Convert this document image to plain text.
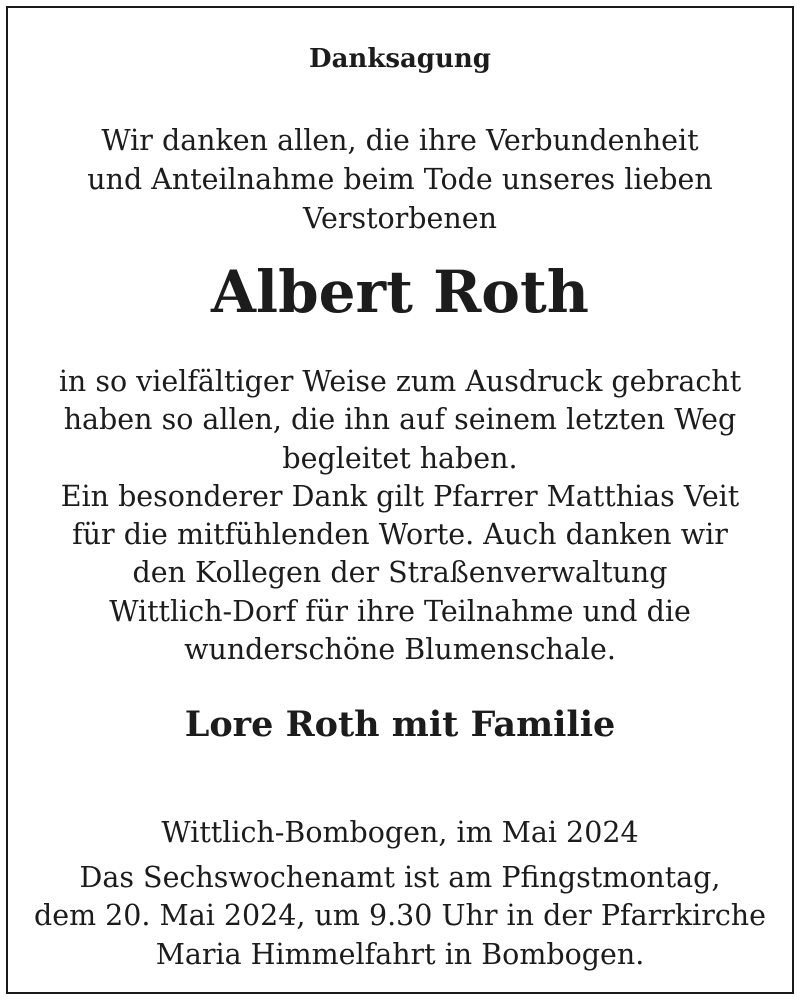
Danksagung
Wir danken allen, die ihre Verbundenheit
und Anteilnahme beim Tode unseres lieben
Verstorbenen
Albert Roth
in so vielfältiger Weise zum Ausdruck gebracht
haben so allen, die ihn auf seinem letzten Weg
begleitet haben.
Ein besonderer Dank gilt Pfarrer Matthias Veit
für die mitfühlenden Worte. Auch danken wir
den Kollegen der Straßenverwaltung
Wittlich-Dorf für ihre Teilnahme und die
wunderschöne Blumenschale.
Lore Roth mit Familie
Wittlich-Bombogen, im Mai 2024
Das Sechswochenamt ist am Pfingstmontag,
dem 20. Mai 2024, um 9.30 Uhr in der Pfarrkirche
Maria Himmelfahrt in Bombogen.
